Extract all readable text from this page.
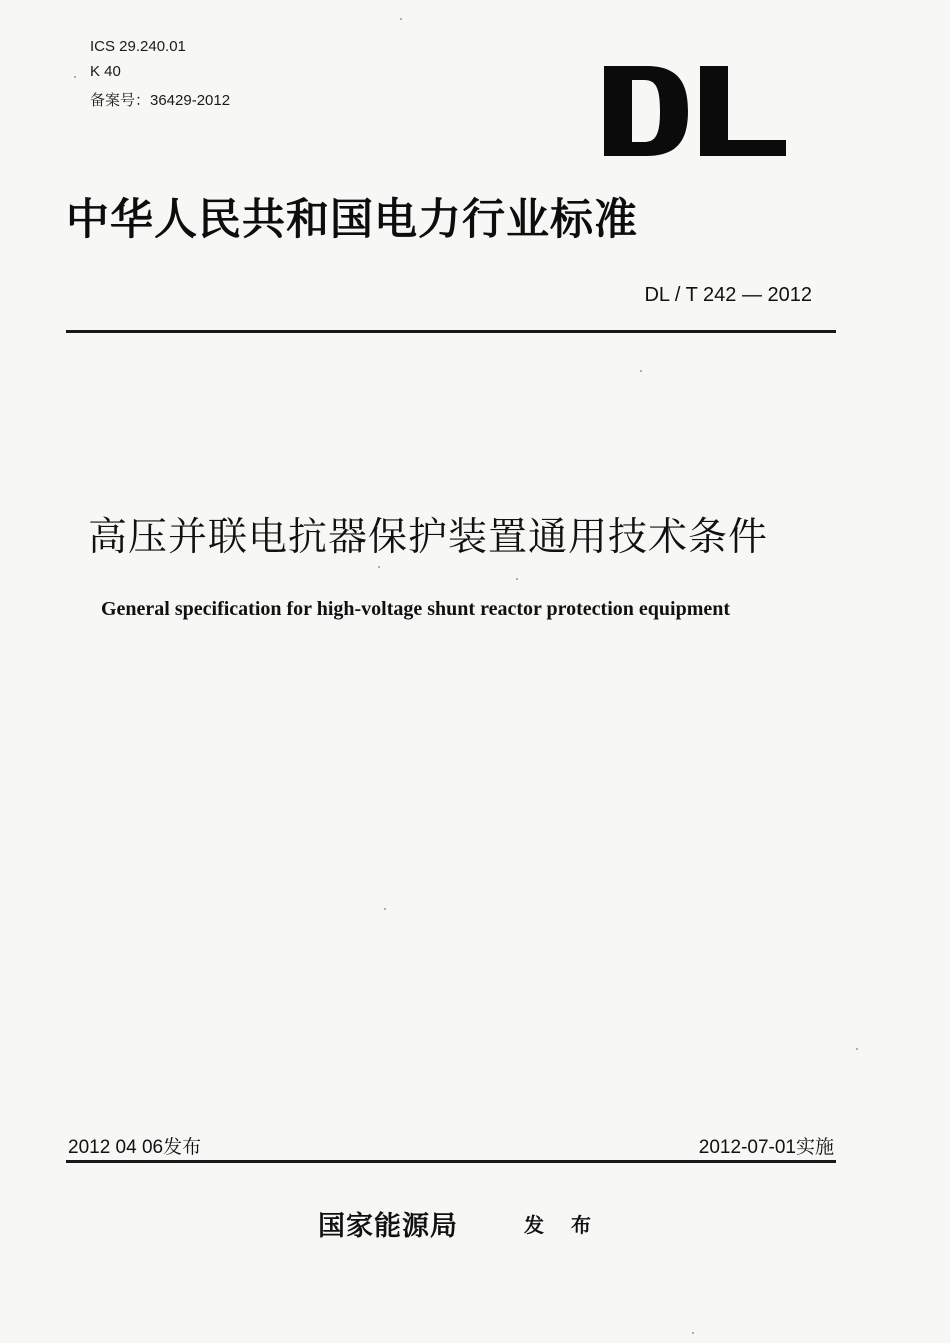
ICS 29.240.01
K 40
备案号：36429-2012
中华人民共和国电力行业标准
DL / T 242 — 2012
高压并联电抗器保护装置通用技术条件
General specification for high-voltage shunt reactor protection equipment
2012 04 06发布	2012-07-01实施
国家能源局	发 布
